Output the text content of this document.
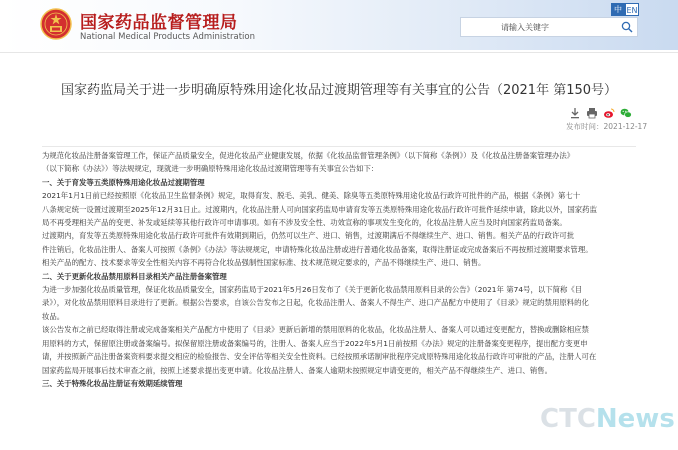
国家药品监督管理局
National Medical Products Administration
中 EN
请输入关键字
国家药监局关于进一步明确原特殊用途化妆品过渡期管理等有关事宜的公告（2021年 第150号）
发布时间：2021-12-17
为规范化妆品注册备案管理工作，保证产品质量安全，促进化妆品产业健康发展，依据《化妆品监督管理条例》（以下简称《条例》）及《化妆品注册备案管理办法》
（以下简称《办法》）等法规规定，现就进一步明确原特殊用途化妆品过渡期管理等有关事宜公告如下：
一、关于育发等五类原特殊用途化妆品过渡期管理
2021年1月1日前已经按照原《化妆品卫生监督条例》规定，取得育发、脱毛、美乳、健美、除臭等五类原特殊用途化妆品行政许可批件的产品，根据《条例》第七十
八条规定统一设置过渡期至2025年12月31日止。过渡期内，化妆品注册人可向国家药监局申请育发等五类原特殊用途化妆品行政许可批件延续申请，除此以外，国家药监
局不再受理相关产品的变更、补发或延续等其他行政许可申请事项。如有不涉及安全性、功效宣称的事项发生变化的，化妆品注册人应当及时向国家药监局备案。
过渡期内，育发等五类原特殊用途化妆品行政许可批件有效期到期后，仍然可以生产、进口、销售，过渡期满后不得继续生产、进口、销售。相关产品的行政许可批
件注销后，化妆品注册人、备案人可按照《条例》《办法》等法规规定，申请特殊化妆品注册或进行普通化妆品备案，取得注册证或完成备案后不再按照过渡期要求管理。
相关产品的配方、技术要求等安全性相关内容不再符合化妆品强制性国家标准、技术规范规定要求的，产品不得继续生产、进口、销售。
二、关于更新化妆品禁用原料目录相关产品注册备案管理
为进一步加强化妆品质量管理，保证化妆品质量安全，国家药监局于2021年5月26日发布了《关于更新化妆品禁用原料目录的公告》（2021年 第74号，以下简称《目
录》），对化妆品禁用原料目录进行了更新。根据公告要求，自该公告发布之日起，化妆品注册人、备案人不得生产、进口产品配方中使用了《目录》规定的禁用原料的化
妆品。
该公告发布之前已经取得注册或完成备案相关产品配方中使用了《目录》更新后新增的禁用原料的化妆品，化妆品注册人、备案人可以通过变更配方，替换或删除相应禁
用原料的方式，保留原注册或备案编号。拟保留原注册或备案编号的，注册人、备案人应当于2022年5月1日前按照《办法》规定的注册备案变更程序，提出配方变更申
请，并按照新产品注册备案资料要求提交相应的检验报告、安全评估等相关安全性资料。已经按照承诺制审批程序完成原特殊用途化妆品行政许可审批的产品，注册人可在
国家药监局开展事后技术审查之前，按照上述要求提出变更申请。化妆品注册人、备案人逾期未按照规定申请变更的，相关产品不得继续生产、进口、销售。
三、关于特殊化妆品注册证有效期延续管理
CTCNews
